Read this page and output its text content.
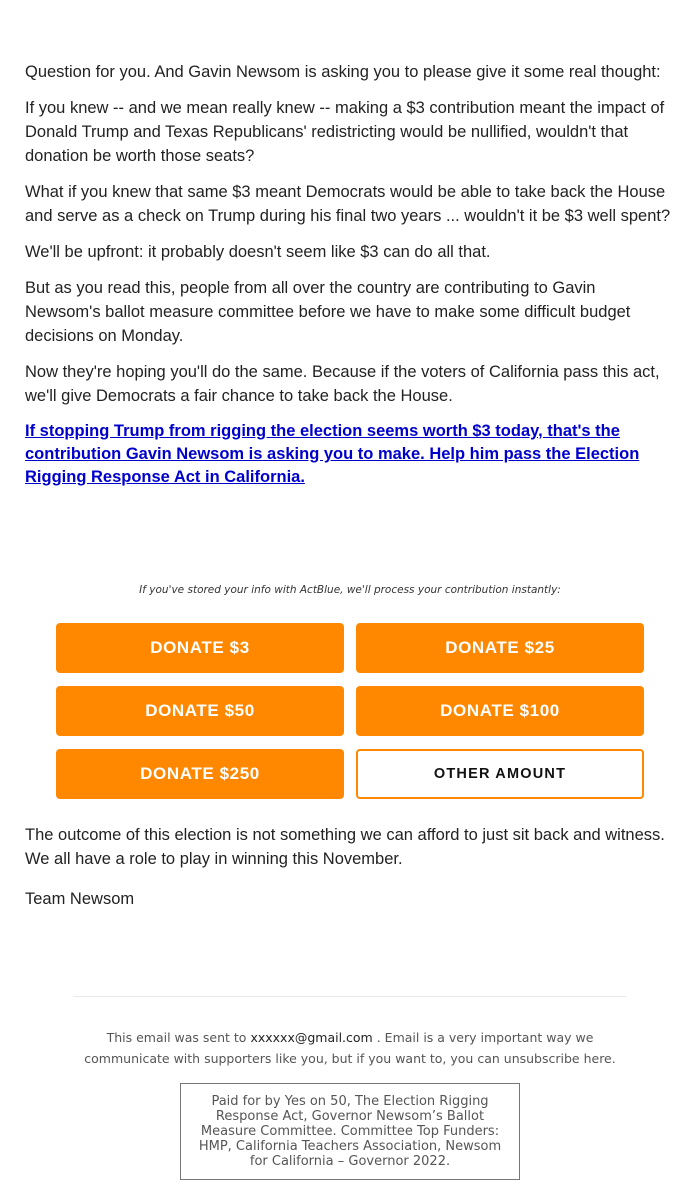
Question for you. And Gavin Newsom is asking you to please give it some real thought:

If you knew -- and we mean really knew -- making a $3 contribution meant the impact of Donald Trump and Texas Republicans' redistricting would be nullified, wouldn't that donation be worth those seats?

What if you knew that same $3 meant Democrats would be able to take back the House and serve as a check on Trump during his final two years ... wouldn't it be $3 well spent?

We'll be upfront: it probably doesn't seem like $3 can do all that.

But as you read this, people from all over the country are contributing to Gavin Newsom's ballot measure committee before we have to make some difficult budget decisions on Monday.

Now they're hoping you'll do the same. Because if the voters of California pass this act, we'll give Democrats a fair chance to take back the House.

If stopping Trump from rigging the election seems worth $3 today, that's the contribution Gavin Newsom is asking you to make. Help him pass the Election Rigging Response Act in California.
If you've stored your info with ActBlue, we'll process your contribution instantly:
DONATE $3	DONATE $25
DONATE $50	DONATE $100
DONATE $250	OTHER AMOUNT

The outcome of this election is not something we can afford to just sit back and witness. We all have a role to play in winning this November.

Team Newsom

This email was sent to xxxxxx@gmail.com . Email is a very important way we communicate with supporters like you, but if you want to, you can unsubscribe here.
Paid for by Yes on 50, The Election Rigging Response Act, Governor Newsom’s Ballot Measure Committee. Committee Top Funders: HMP, California Teachers Association, Newsom for California – Governor 2022.
